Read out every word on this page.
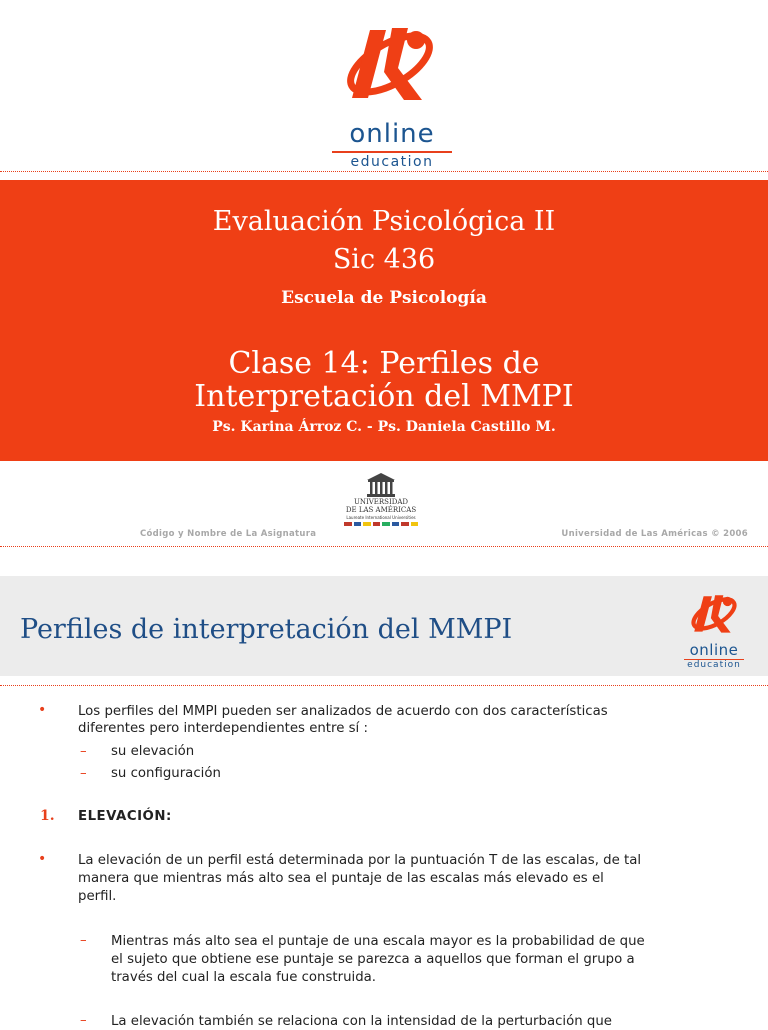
online
education
Evaluación Psicológica II
Sic 436
Escuela de Psicología
Clase 14: Perfiles de
Interpretación del MMPI
Ps. Karina Árroz C. - Ps. Daniela Castillo M.
UNIVERSIDAD
DE LAS AMÉRICAS
Laureate International Universities
Código y Nombre de La Asignatura	Universidad de Las Américas © 2006
Perfiles de interpretación del MMPI
online
education
• Los perfiles del MMPI pueden ser analizados de acuerdo con dos características
diferentes pero interdependientes entre sí :
– su elevación
– su configuración
1. ELEVACIÓN:
• La elevación de un perfil está determinada por la puntuación T de las escalas, de tal
manera que mientras más alto sea el puntaje de las escalas más elevado es el
perfil.
– Mientras más alto sea el puntaje de una escala mayor es la probabilidad de que
el sujeto que obtiene ese puntaje se parezca a aquellos que forman el grupo a
través del cual la escala fue construida.
– La elevación también se relaciona con la intensidad de la perturbación que
